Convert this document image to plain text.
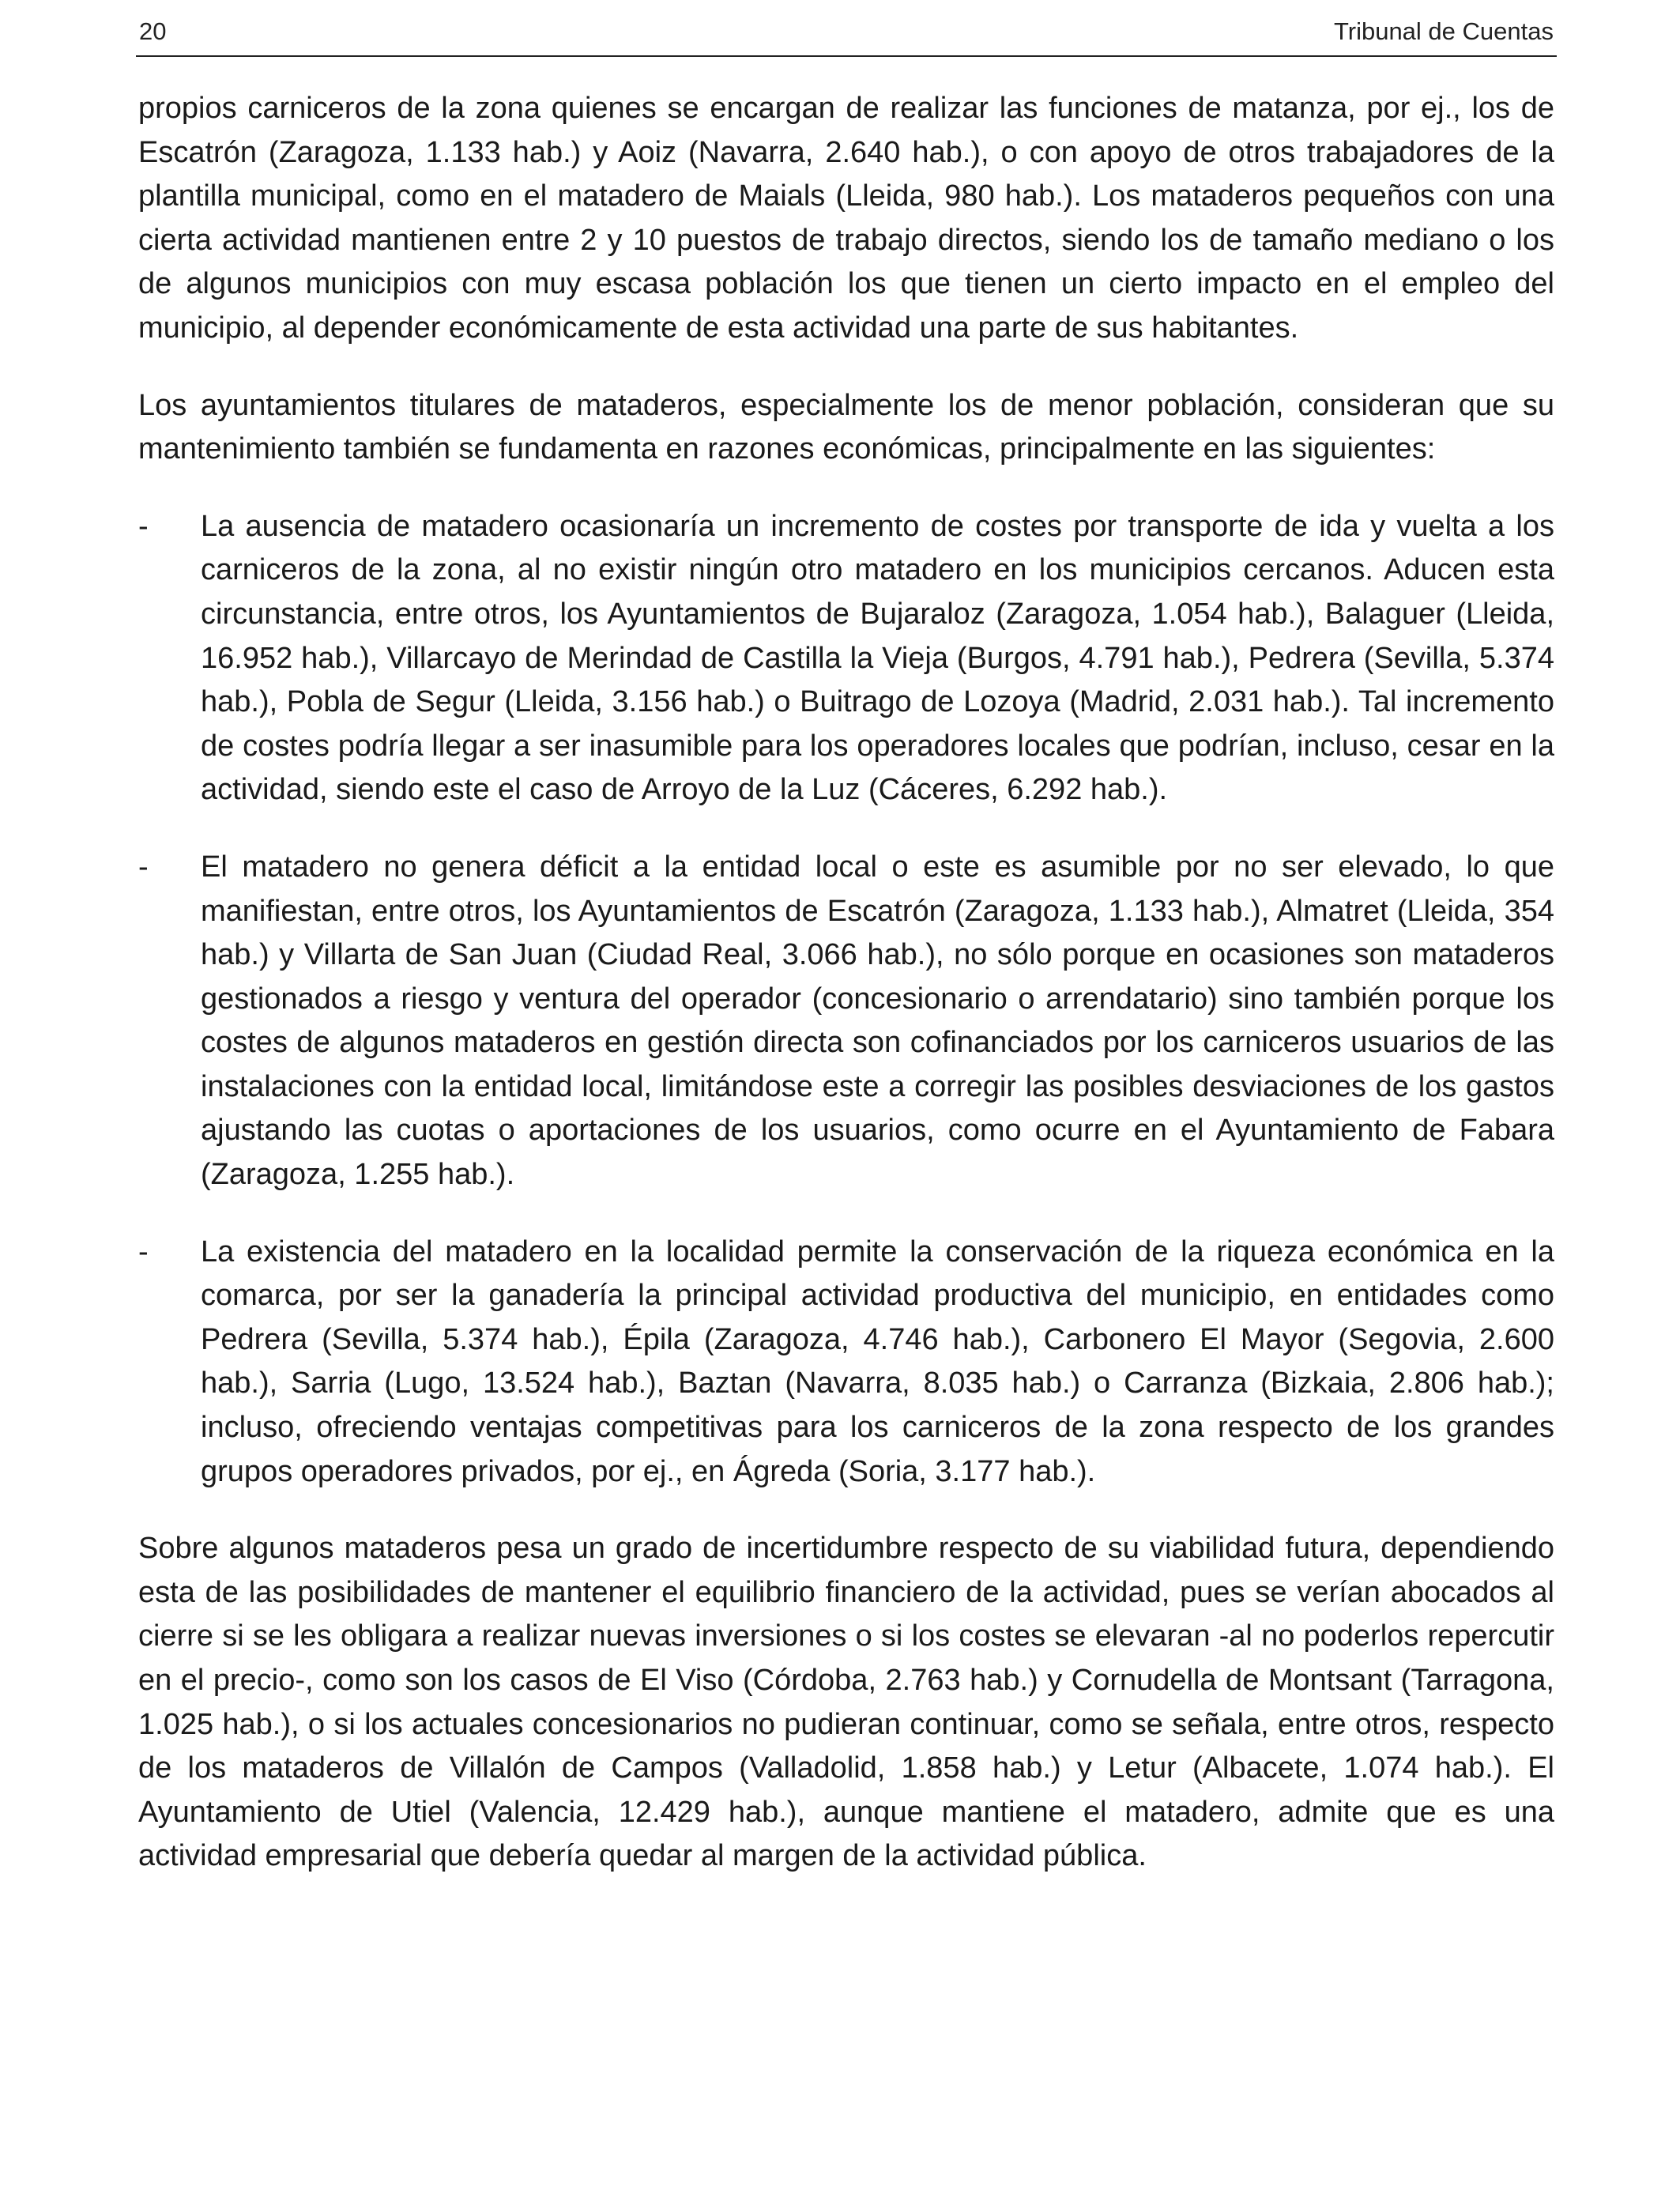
20	Tribunal de Cuentas

propios carniceros de la zona quienes se encargan de realizar las funciones de matanza, por ej., los de Escatrón (Zaragoza, 1.133 hab.) y Aoiz (Navarra, 2.640 hab.), o con apoyo de otros trabajadores de la plantilla municipal, como en el matadero de Maials (Lleida, 980 hab.). Los mataderos pequeños con una cierta actividad mantienen entre 2 y 10 puestos de trabajo directos, siendo los de tamaño mediano o los de algunos municipios con muy escasa población los que tienen un cierto impacto en el empleo del municipio, al depender económicamente de esta actividad una parte de sus habitantes.

Los ayuntamientos titulares de mataderos, especialmente los de menor población, consideran que su mantenimiento también se fundamenta en razones económicas, principalmente en las siguientes:

- La ausencia de matadero ocasionaría un incremento de costes por transporte de ida y vuelta a los carniceros de la zona, al no existir ningún otro matadero en los municipios cercanos. Aducen esta circunstancia, entre otros, los Ayuntamientos de Bujaraloz (Zaragoza, 1.054 hab.), Balaguer (Lleida, 16.952 hab.), Villarcayo de Merindad de Castilla la Vieja (Burgos, 4.791 hab.), Pedrera (Sevilla, 5.374 hab.), Pobla de Segur (Lleida, 3.156 hab.) o Buitrago de Lozoya (Madrid, 2.031 hab.). Tal incremento de costes podría llegar a ser inasumible para los operadores locales que podrían, incluso, cesar en la actividad, siendo este el caso de Arroyo de la Luz (Cáceres, 6.292 hab.).
- El matadero no genera déficit a la entidad local o este es asumible por no ser elevado, lo que manifiestan, entre otros, los Ayuntamientos de Escatrón (Zaragoza, 1.133 hab.), Almatret (Lleida, 354 hab.) y Villarta de San Juan (Ciudad Real, 3.066 hab.), no sólo porque en ocasiones son mataderos gestionados a riesgo y ventura del operador (concesionario o arrendatario) sino también porque los costes de algunos mataderos en gestión directa son cofinanciados por los carniceros usuarios de las instalaciones con la entidad local, limitándose este a corregir las posibles desviaciones de los gastos ajustando las cuotas o aportaciones de los usuarios, como ocurre en el Ayuntamiento de Fabara (Zaragoza, 1.255 hab.).
- La existencia del matadero en la localidad permite la conservación de la riqueza económica en la comarca, por ser la ganadería la principal actividad productiva del municipio, en entidades como Pedrera (Sevilla, 5.374 hab.), Épila (Zaragoza, 4.746 hab.), Carbonero El Mayor (Segovia, 2.600 hab.), Sarria (Lugo, 13.524 hab.), Baztan (Navarra, 8.035 hab.) o Carranza (Bizkaia, 2.806 hab.); incluso, ofreciendo ventajas competitivas para los carniceros de la zona respecto de los grandes grupos operadores privados, por ej., en Ágreda (Soria, 3.177 hab.).

Sobre algunos mataderos pesa un grado de incertidumbre respecto de su viabilidad futura, dependiendo esta de las posibilidades de mantener el equilibrio financiero de la actividad, pues se verían abocados al cierre si se les obligara a realizar nuevas inversiones o si los costes se elevaran -al no poderlos repercutir en el precio-, como son los casos de El Viso (Córdoba, 2.763 hab.) y Cornudella de Montsant (Tarragona, 1.025 hab.), o si los actuales concesionarios no pudieran continuar, como se señala, entre otros, respecto de los mataderos de Villalón de Campos (Valladolid, 1.858 hab.) y Letur (Albacete, 1.074 hab.). El Ayuntamiento de Utiel (Valencia, 12.429 hab.), aunque mantiene el matadero, admite que es una actividad empresarial que debería quedar al margen de la actividad pública.
